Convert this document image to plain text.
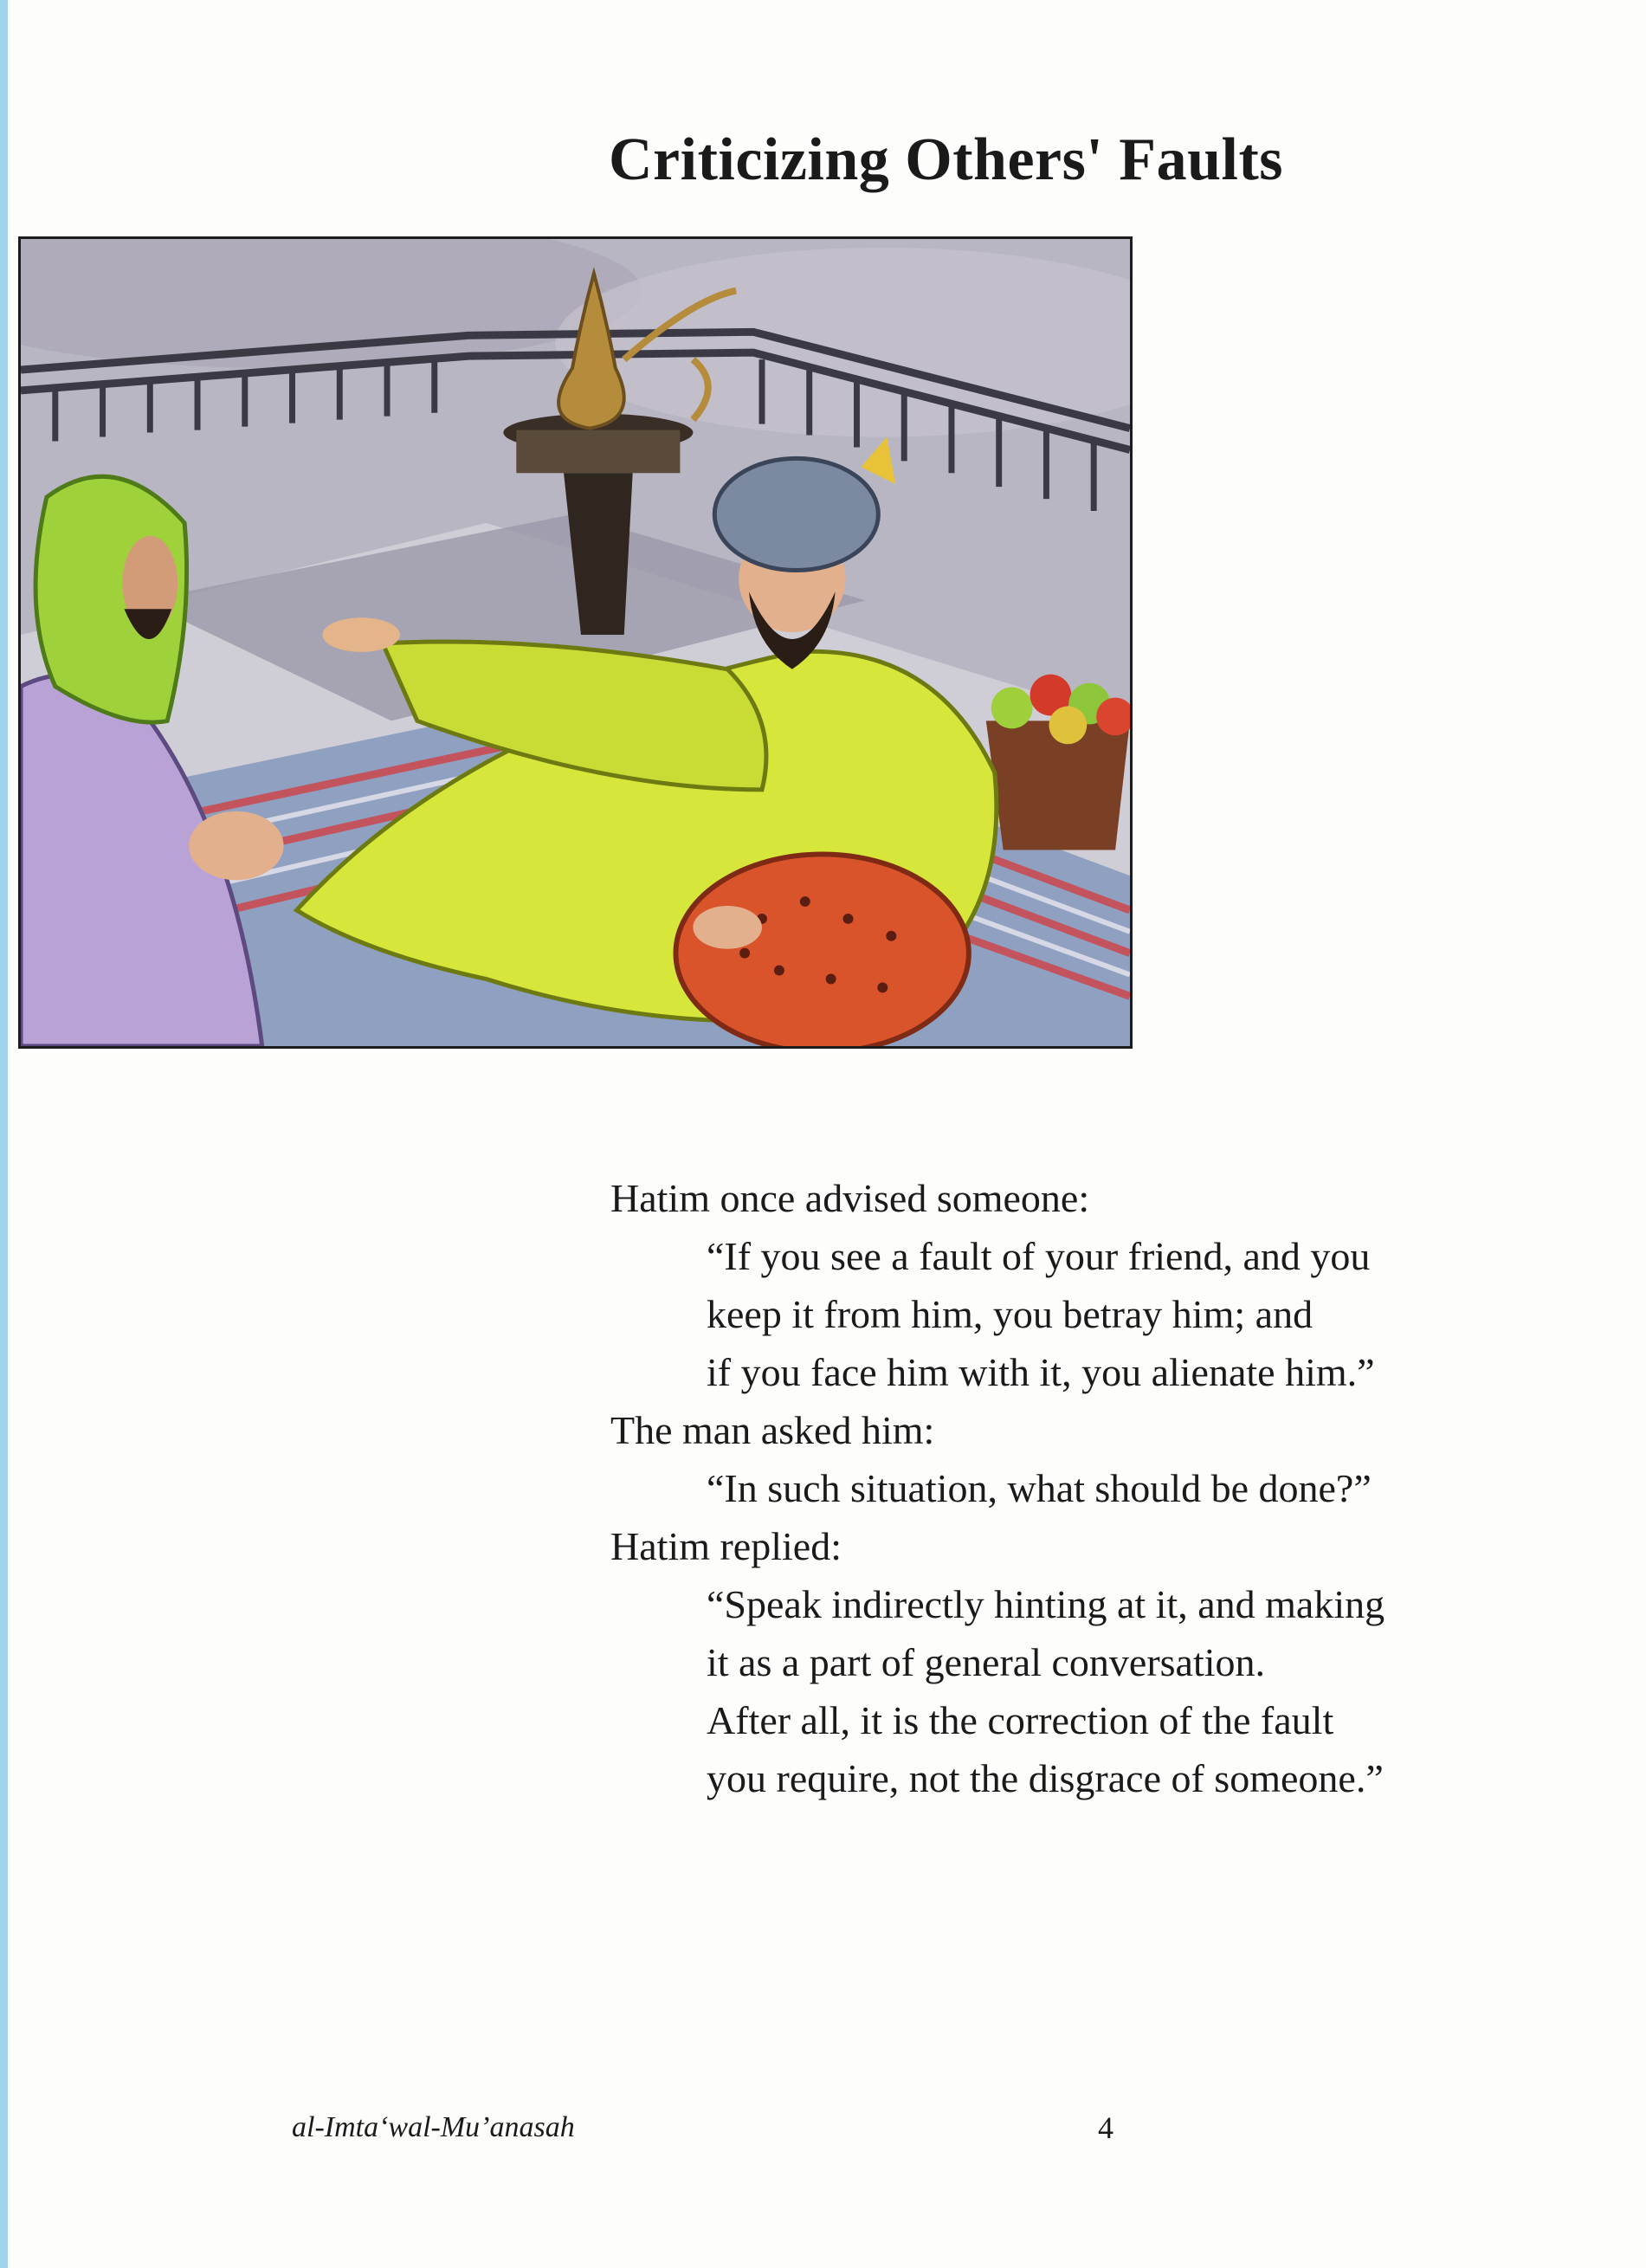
Criticizing Others' Faults
Hatim once advised someone:
“If you see a fault of your friend, and you
keep it from him, you betray him; and
if you face him with it, you alienate him.”
The man asked him:
“In such situation, what should be done?”
Hatim replied:
“Speak indirectly hinting at it, and making
it as a part of general conversation.
After all, it is the correction of the fault
you require, not the disgrace of someone.”
al-Imta‘wal-Mu’anasah	4
